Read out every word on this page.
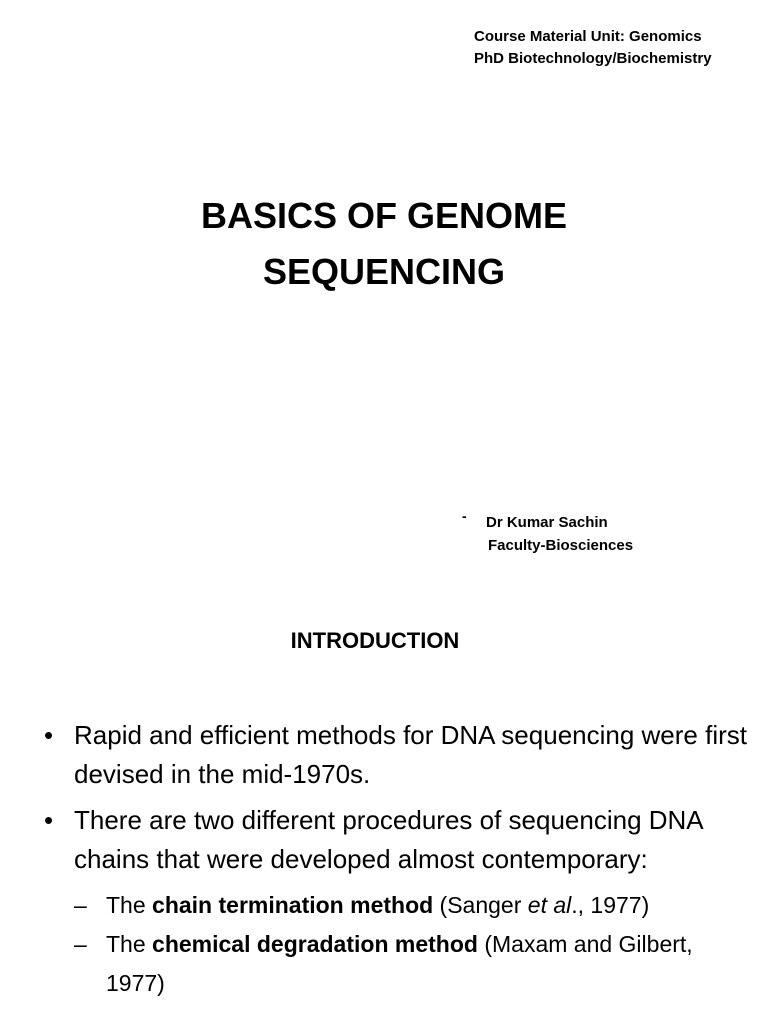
Course Material Unit: Genomics
PhD Biotechnology/Biochemistry
BASICS OF GENOME
SEQUENCING
- Dr Kumar Sachin
Faculty-Biosciences
INTRODUCTION
• Rapid and efficient methods for DNA sequencing were first devised in the mid-1970s.
• There are two different procedures of sequencing DNA chains that were developed almost contemporary:
– The chain termination method (Sanger et al., 1977)
– The chemical degradation method (Maxam and Gilbert, 1977)
